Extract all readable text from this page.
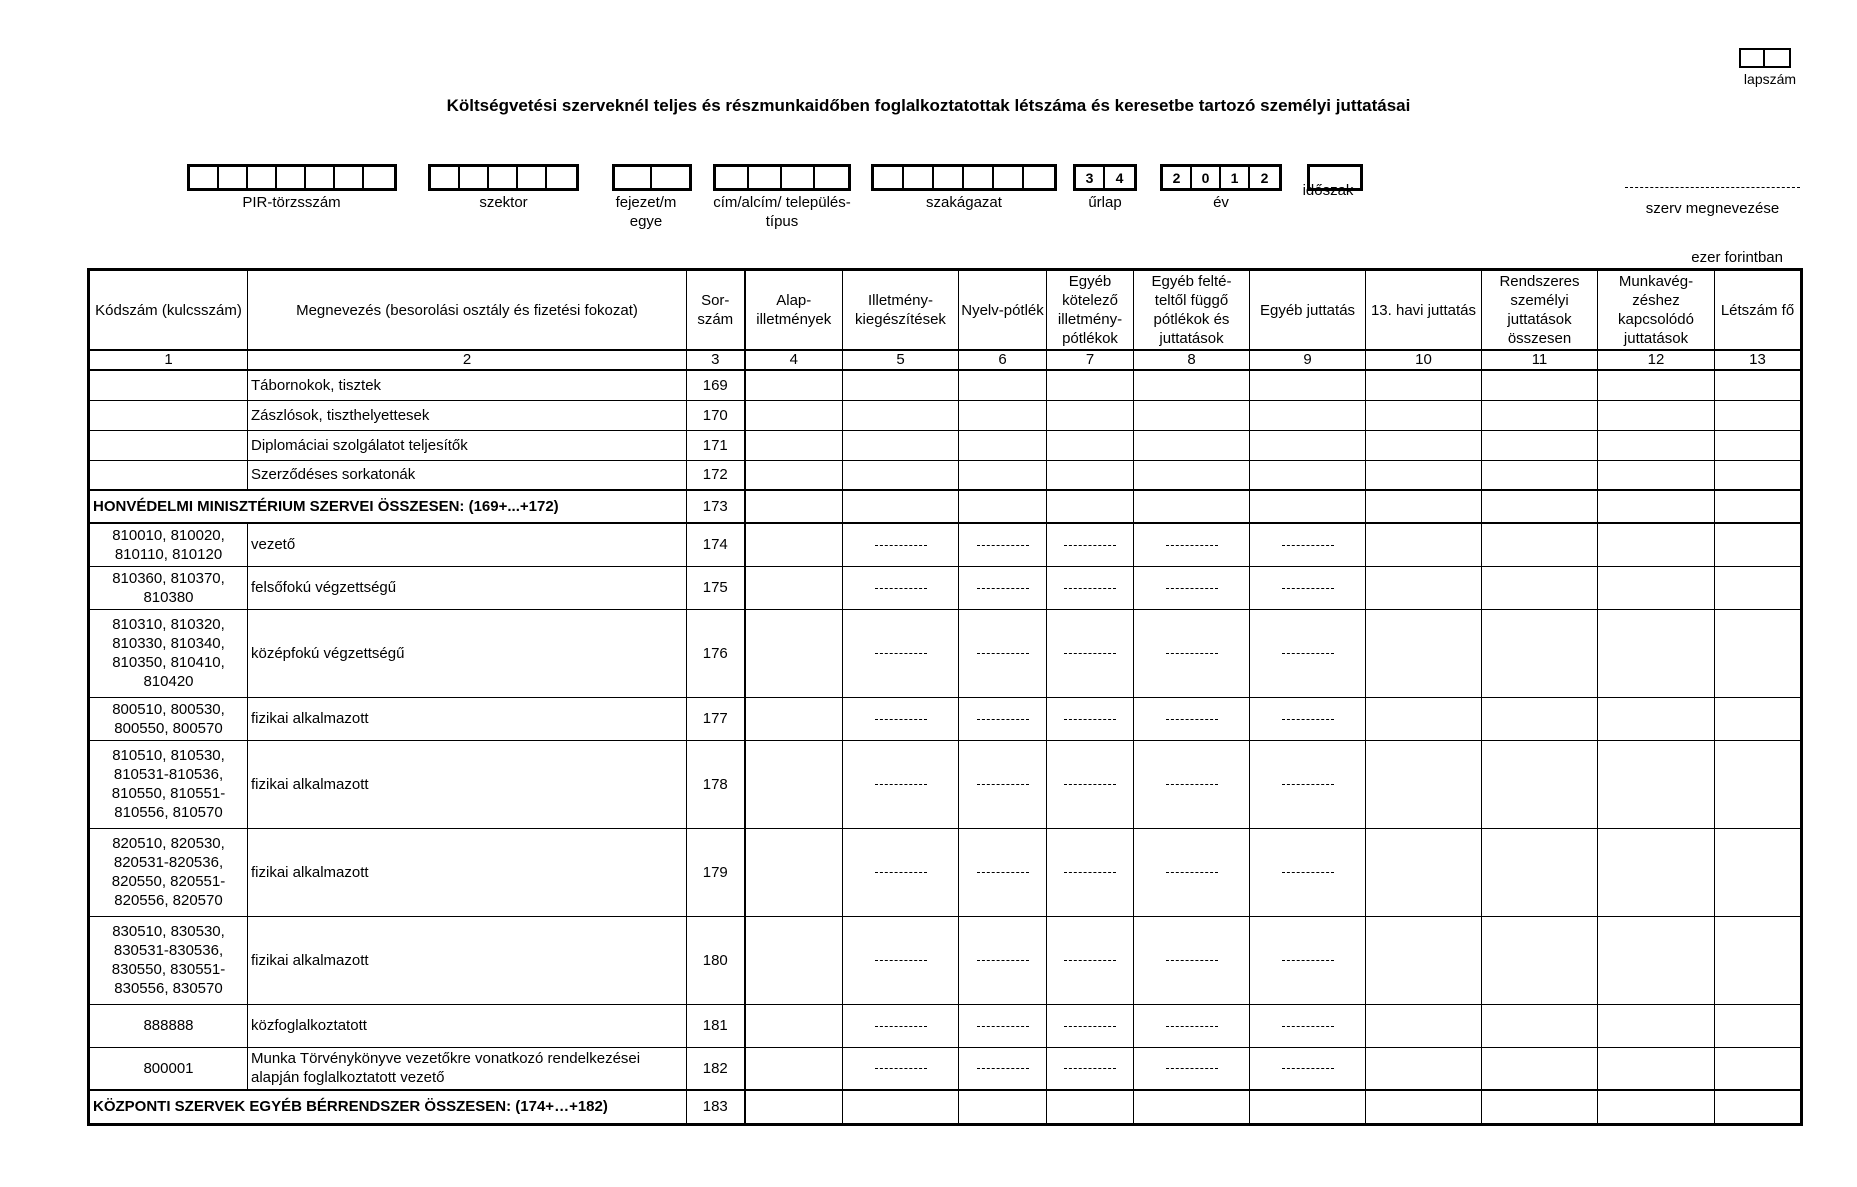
lapszám
Költségvetési szerveknél teljes és részmunkaidőben foglalkoztatottak létszáma és keresetbe tartozó személyi juttatásai
PIR-törzsszám	szektor	fejezet/m egye
cím/alcím/ település-típus
szakágazat
3	4
űrlap
2	0	1	2
év
időszak
szerv megnevezése
ezer forintban
Kódszám (kulcsszám)	Megnevezés (besorolási osztály és fizetési fokozat)	Sor-szám	Alap-illetmények	Illetmény-kiegészítések	Nyelv-pótlék	Egyéb kötelező illetmény-pótlékok	Egyéb felté-teltől függő pótlékok és juttatások	Egyéb juttatás	13. havi juttatás	Rendszeres személyi juttatások összesen	Munkavég-zéshez kapcsolódó juttatások	Létszám fő
1	2	3	4	5	6	7	8	9	10	11	12	13
	Tábornokok, tisztek	169										
	Zászlósok, tiszthelyettesek	170										
	Diplomáciai szolgálatot teljesítők	171										
	Szerződéses sorkatonák	172										
HONVÉDELMI MINISZTÉRIUM SZERVEI ÖSSZESEN: (169+...+172)		173										
810010, 810020, 810110, 810120	vezető	174										
810360, 810370, 810380	felsőfokú végzettségű	175										
810310, 810320, 810330, 810340, 810350, 810410, 810420	középfokú végzettségű	176										
800510, 800530, 800550, 800570	fizikai alkalmazott	177										
810510, 810530, 810531-810536, 810550, 810551-810556, 810570	fizikai alkalmazott	178										
820510, 820530, 820531-820536, 820550, 820551-820556, 820570	fizikai alkalmazott	179										
830510, 830530, 830531-830536, 830550, 830551-830556, 830570	fizikai alkalmazott	180										
888888	közfoglalkoztatott	181										
800001	Munka Törvénykönyve vezetőkre vonatkozó rendelkezései alapján foglalkoztatott vezető	182										
KÖZPONTI SZERVEK EGYÉB BÉRRENDSZER ÖSSZESEN: (174+…+182)		183										
